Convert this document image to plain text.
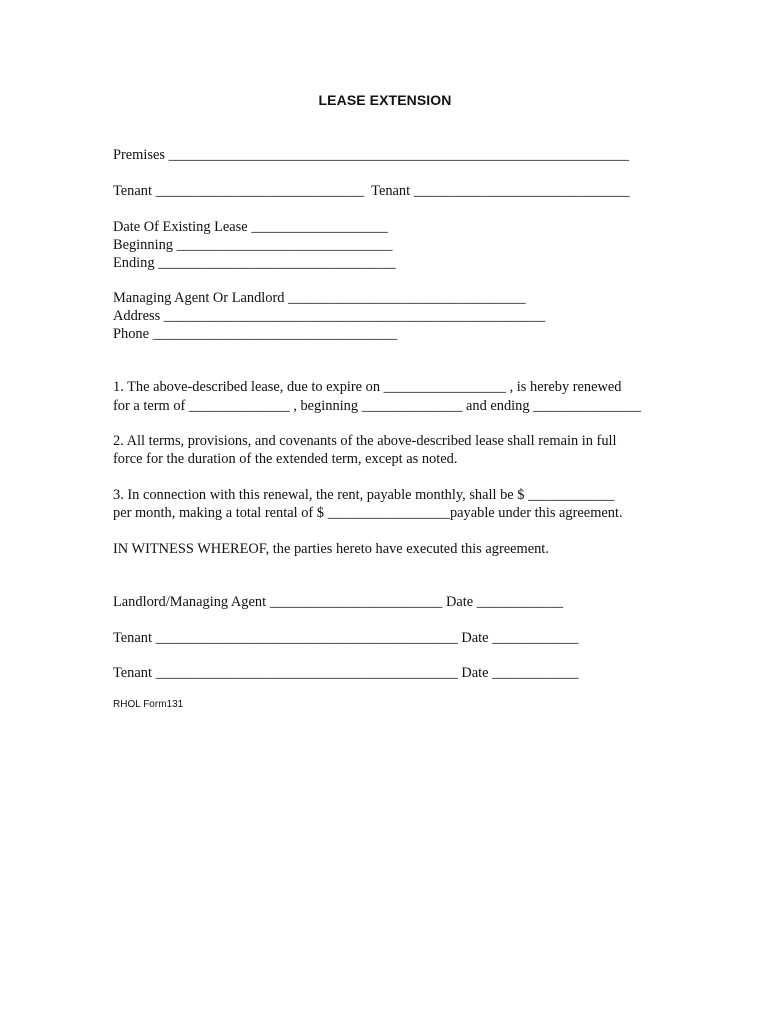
LEASE EXTENSION
Premises ________________________________________________________________
Tenant _____________________________ Tenant ______________________________
Date Of Existing Lease ___________________
Beginning ______________________________
Ending _________________________________
Managing Agent Or Landlord _________________________________
Address _____________________________________________________
Phone __________________________________
1. The above-described lease, due to expire on _________________ , is hereby renewed
for a term of ______________ , beginning ______________ and ending _______________
2. All terms, provisions, and covenants of the above-described lease shall remain in full
force for the duration of the extended term, except as noted.
3. In connection with this renewal, the rent, payable monthly, shall be $ ____________
per month, making a total rental of $ _________________payable under this agreement.
IN WITNESS WHEREOF, the parties hereto have executed this agreement.
Landlord/Managing Agent ________________________ Date ____________
Tenant __________________________________________ Date ____________
Tenant __________________________________________ Date ____________
RHOL Form131
